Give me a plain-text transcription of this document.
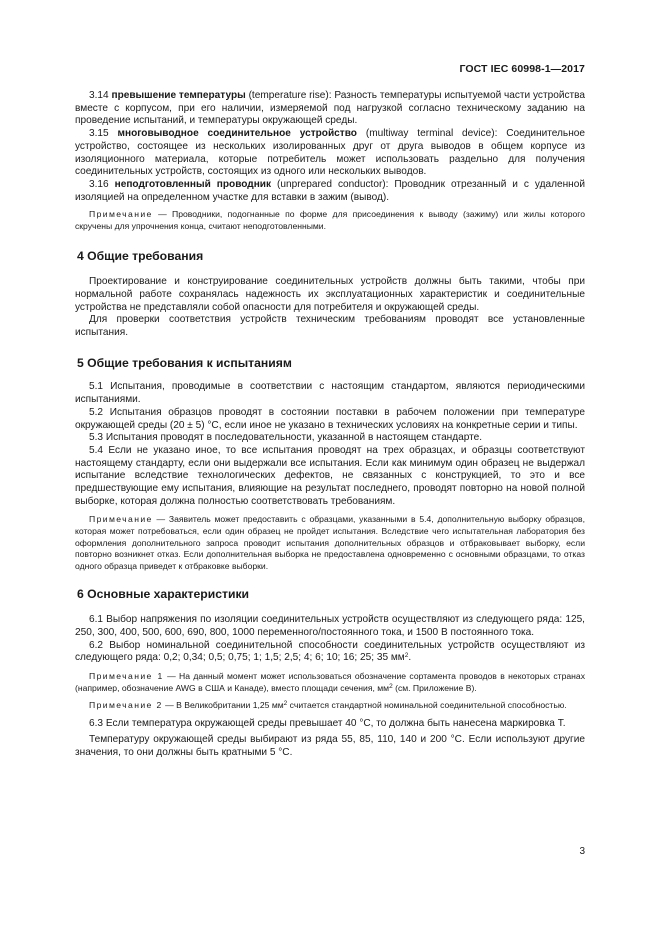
ГОСТ IEC 60998-1—2017

3.14 превышение температуры (temperature rise): Разность температуры испытуемой части устройства вместе с корпусом, при его наличии, измеряемой под нагрузкой согласно техническому заданию на проведение испытаний, и температуры окружающей среды.

3.15 многовыводное соединительное устройство (multiway terminal device): Соединительное устройство, состоящее из нескольких изолированных друг от друга выводов в общем корпусе из изоляционного материала, которые потребитель может использовать раздельно для получения соединительных устройств, состоящих из одного или нескольких выводов.

3.16 неподготовленный проводник (unprepared conductor): Проводник отрезанный и с удаленной изоляцией на определенном участке для вставки в зажим (вывод).

Примечание — Проводники, подогнанные по форме для присоединения к выводу (зажиму) или жилы которого скручены для упрочнения конца, считают неподготовленными.
4 Общие требования

Проектирование и конструирование соединительных устройств должны быть такими, чтобы при нормальной работе сохранялась надежность их эксплуатационных характеристик и соединительные устройства не представляли собой опасности для потребителя и окружающей среды.

Для проверки соответствия устройств техническим требованиям проводят все установленные испытания.

5 Общие требования к испытаниям

5.1 Испытания, проводимые в соответствии с настоящим стандартом, являются периодическими испытаниями.

5.2 Испытания образцов проводят в состоянии поставки в рабочем положении при температуре окружающей среды (20 ± 5) °С, если иное не указано в технических условиях на конкретные серии и типы.

5.3 Испытания проводят в последовательности, указанной в настоящем стандарте.

5.4 Если не указано иное, то все испытания проводят на трех образцах, и образцы соответствуют настоящему стандарту, если они выдержали все испытания. Если как минимум один образец не выдержал испытание вследствие технологических дефектов, не связанных с конструкцией, то это и все предшествующие ему испытания, влияющие на результат последнего, проводят повторно на новой полной выборке, которая должна полностью соответствовать требованиям.

Примечание — Заявитель может предоставить с образцами, указанными в 5.4, дополнительную выборку образцов, которая может потребоваться, если один образец не пройдет испытания. Вследствие чего испытательная лаборатория без оформления дополнительного запроса проводит испытания дополнительных образцов и отбраковывает выборку, если повторно возникнет отказ. Если дополнительная выборка не предоставлена одновременно с основными образцами, то отказ одного образца приведет к отбраковке выборки.
6 Основные характеристики

6.1 Выбор напряжения по изоляции соединительных устройств осуществляют из следующего ряда: 125, 250, 300, 400, 500, 600, 690, 800, 1000 переменного/постоянного тока, и 1500 В постоянного тока.

6.2 Выбор номинальной соединительной способности соединительных устройств осуществляют из следующего ряда: 0,2; 0,34; 0,5; 0,75; 1; 1,5; 2,5; 4; 6; 10; 16; 25; 35 $мм^2$.

Примечание 1 — На данный момент может использоваться обозначение сортамента проводов в некоторых странах (например, обозначение AWG в США и Канаде), вместо площади сечения, $мм^2$ (см. Приложение В).
Примечание 2 — В Великобритании 1,25 $мм^2$ считается стандартной номинальной соединительной способностью.

6.3 Если температура окружающей среды превышает 40 °С, то должна быть нанесена маркировка Т.

Температуру окружающей среды выбирают из ряда 55, 85, 110, 140 и 200 °С. Если используют другие значения, то они должны быть кратными 5 °С.

3
